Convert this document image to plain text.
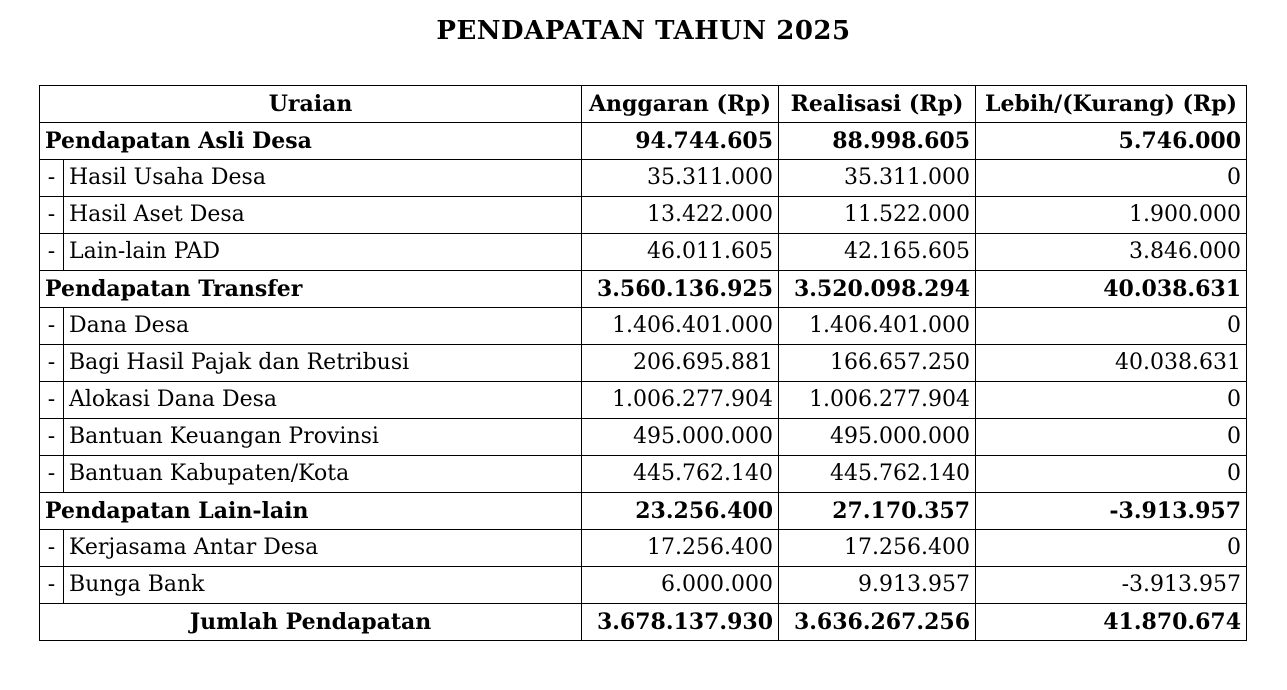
PENDAPATAN TAHUN 2025
Uraian		Anggaran (Rp)	Realisasi (Rp)	Lebih/(Kurang) (Rp)
Pendapatan Asli Desa		94.744.605	88.998.605	5.746.000
-	Hasil Usaha Desa	35.311.000	35.311.000	0
-	Hasil Aset Desa	13.422.000	11.522.000	1.900.000
-	Lain-lain PAD	46.011.605	42.165.605	3.846.000
Pendapatan Transfer		3.560.136.925	3.520.098.294	40.038.631
-	Dana Desa	1.406.401.000	1.406.401.000	0
-	Bagi Hasil Pajak dan Retribusi	206.695.881	166.657.250	40.038.631
-	Alokasi Dana Desa	1.006.277.904	1.006.277.904	0
-	Bantuan Keuangan Provinsi	495.000.000	495.000.000	0
-	Bantuan Kabupaten/Kota	445.762.140	445.762.140	0
Pendapatan Lain-lain		23.256.400	27.170.357	-3.913.957
-	Kerjasama Antar Desa	17.256.400	17.256.400	0
-	Bunga Bank	6.000.000	9.913.957	-3.913.957
Jumlah Pendapatan		3.678.137.930	3.636.267.256	41.870.674
